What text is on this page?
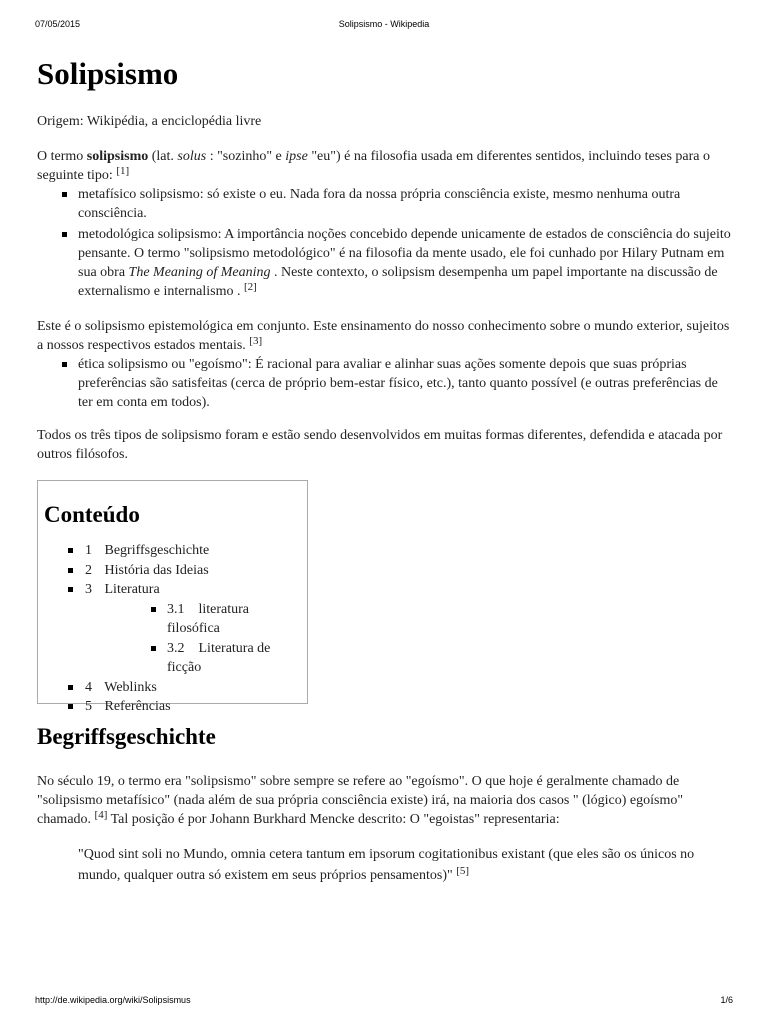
07/05/2015	Solipsismo - Wikipedia
Solipsismo

Origem: Wikipédia, a enciclopédia livre

O termo solipsismo (lat. solus : "sozinho" e ipse "eu") é na filosofia usada em diferentes sentidos, incluindo teses para o seguinte tipo: [1]

metafísico solipsismo: só existe o eu. Nada fora da nossa própria consciência existe, mesmo nenhuma outra consciência.
metodológica solipsismo: A importância noções concebido depende unicamente de estados de consciência do sujeito pensante. O termo "solipsismo metodológico" é na filosofia da mente usado, ele foi cunhado por Hilary Putnam em sua obra The Meaning of Meaning . Neste contexto, o solipsism desempenha um papel importante na discussão de externalismo e internalismo . [2]

Este é o solipsismo epistemológica em conjunto. Este ensinamento do nosso conhecimento sobre o mundo exterior, sujeitos a nossos respectivos estados mentais. [3]

ética solipsismo ou "egoísmo": É racional para avaliar e alinhar suas ações somente depois que suas próprias preferências são satisfeitas (cerca de próprio bem-estar físico, etc.), tanto quanto possível (e outras preferências de ter em conta em todos).

Todos os três tipos de solipsismo foram e estão sendo desenvolvidos em muitas formas diferentes, defendida e atacada por outros filósofos.

Conteúdo
1 Begriffsgeschichte
2 História das Ideias
3 Literatura
3.1 literatura filosófica
3.2 Literatura de ficção
4 Weblinks
5 Referências
Begriffsgeschichte

No século 19, o termo era "solipsismo" sobre sempre se refere ao "egoísmo". O que hoje é geralmente chamado de "solipsismo metafísico" (nada além de sua própria consciência existe) irá, na maioria dos casos " (lógico) egoísmo" chamado. [4] Tal posição é por Johann Burkhard Mencke descrito: O "egoistas" representaria:

"Quod sint soli no Mundo, omnia cetera tantum em ipsorum cogitationibus existant (que eles são os únicos no mundo, qualquer outra só existem em seus próprios pensamentos)" [5]
http://de.wikipedia.org/wiki/Solipsismus	1/6
